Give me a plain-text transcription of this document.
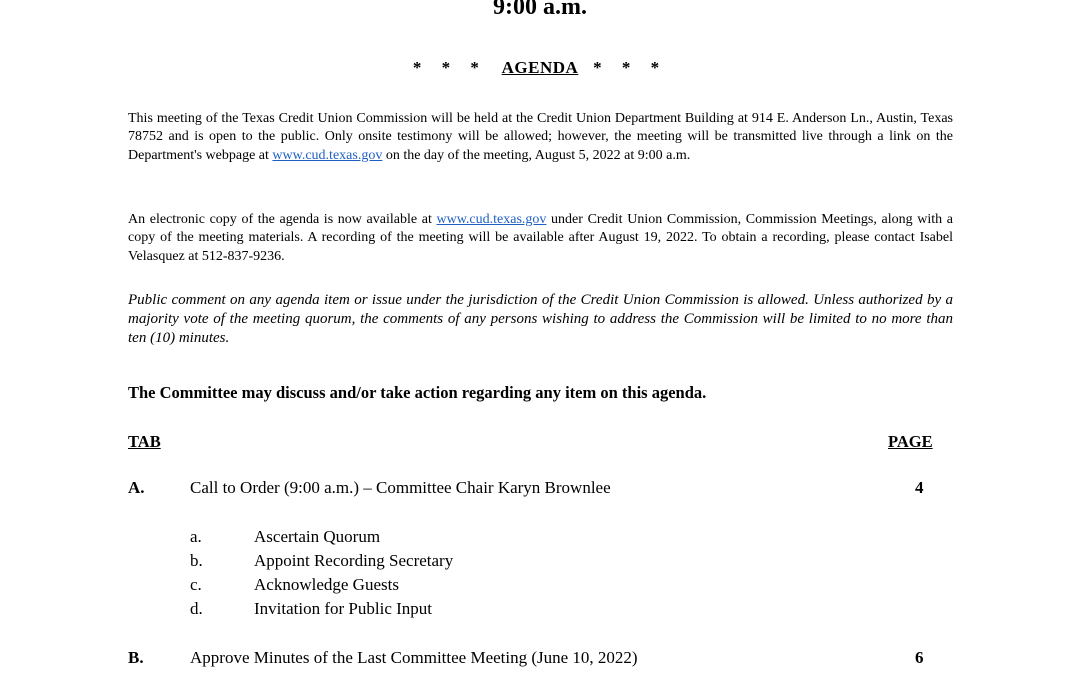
9:00 a.m.
* * * AGENDA * * *
This meeting of the Texas Credit Union Commission will be held at the Credit Union Department Building at 914 E. Anderson Ln., Austin, Texas 78752 and is open to the public. Only onsite testimony will be allowed; however, the meeting will be transmitted live through a link on the Department's webpage at www.cud.texas.gov on the day of the meeting, August 5, 2022 at 9:00 a.m.
An electronic copy of the agenda is now available at www.cud.texas.gov under Credit Union Commission, Commission Meetings, along with a copy of the meeting materials. A recording of the meeting will be available after August 19, 2022. To obtain a recording, please contact Isabel Velasquez at 512-837-9236.
Public comment on any agenda item or issue under the jurisdiction of the Credit Union Commission is allowed. Unless authorized by a majority vote of the meeting quorum, the comments of any persons wishing to address the Commission will be limited to no more than ten (10) minutes.
The Committee may discuss and/or take action regarding any item on this agenda.
TAB	PAGE
A.	Call to Order (9:00 a.m.) – Committee Chair Karyn Brownlee	4
a.	Ascertain Quorum
b.	Appoint Recording Secretary
c.	Acknowledge Guests
d.	Invitation for Public Input
B.	Approve Minutes of the Last Committee Meeting (June 10, 2022)	6
